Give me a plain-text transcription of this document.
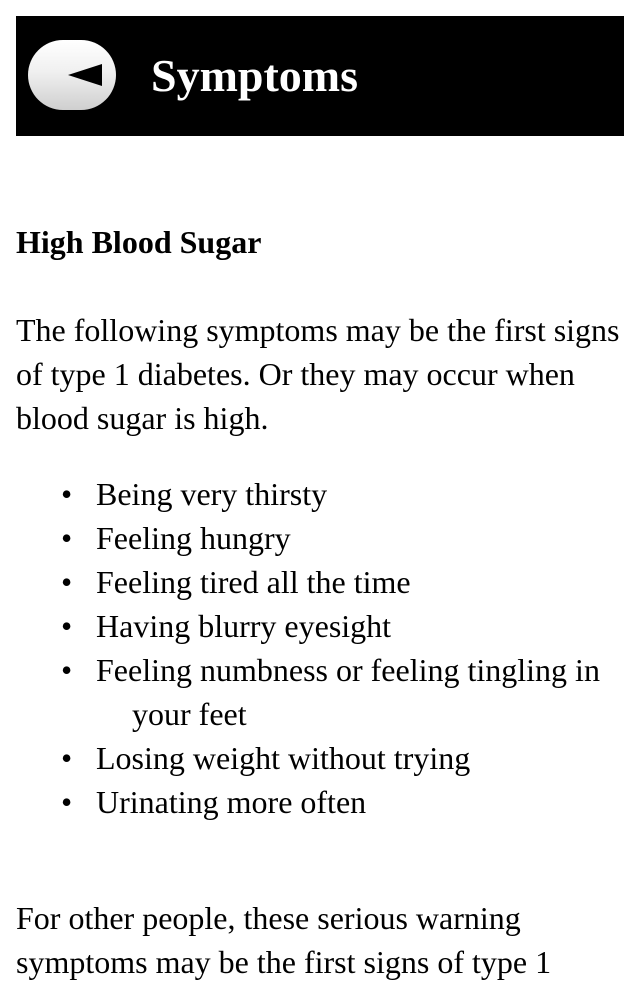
Symptoms

High Blood Sugar

The following symptoms may be the first signs of type 1 diabetes. Or they may occur when blood sugar is high.

• Being very thirsty
• Feeling hungry
• Feeling tired all the time
• Having blurry eyesight
• Feeling numbness or feeling tingling in your feet
• Losing weight without trying
• Urinating more often

For other people, these serious warning symptoms may be the first signs of type 1
